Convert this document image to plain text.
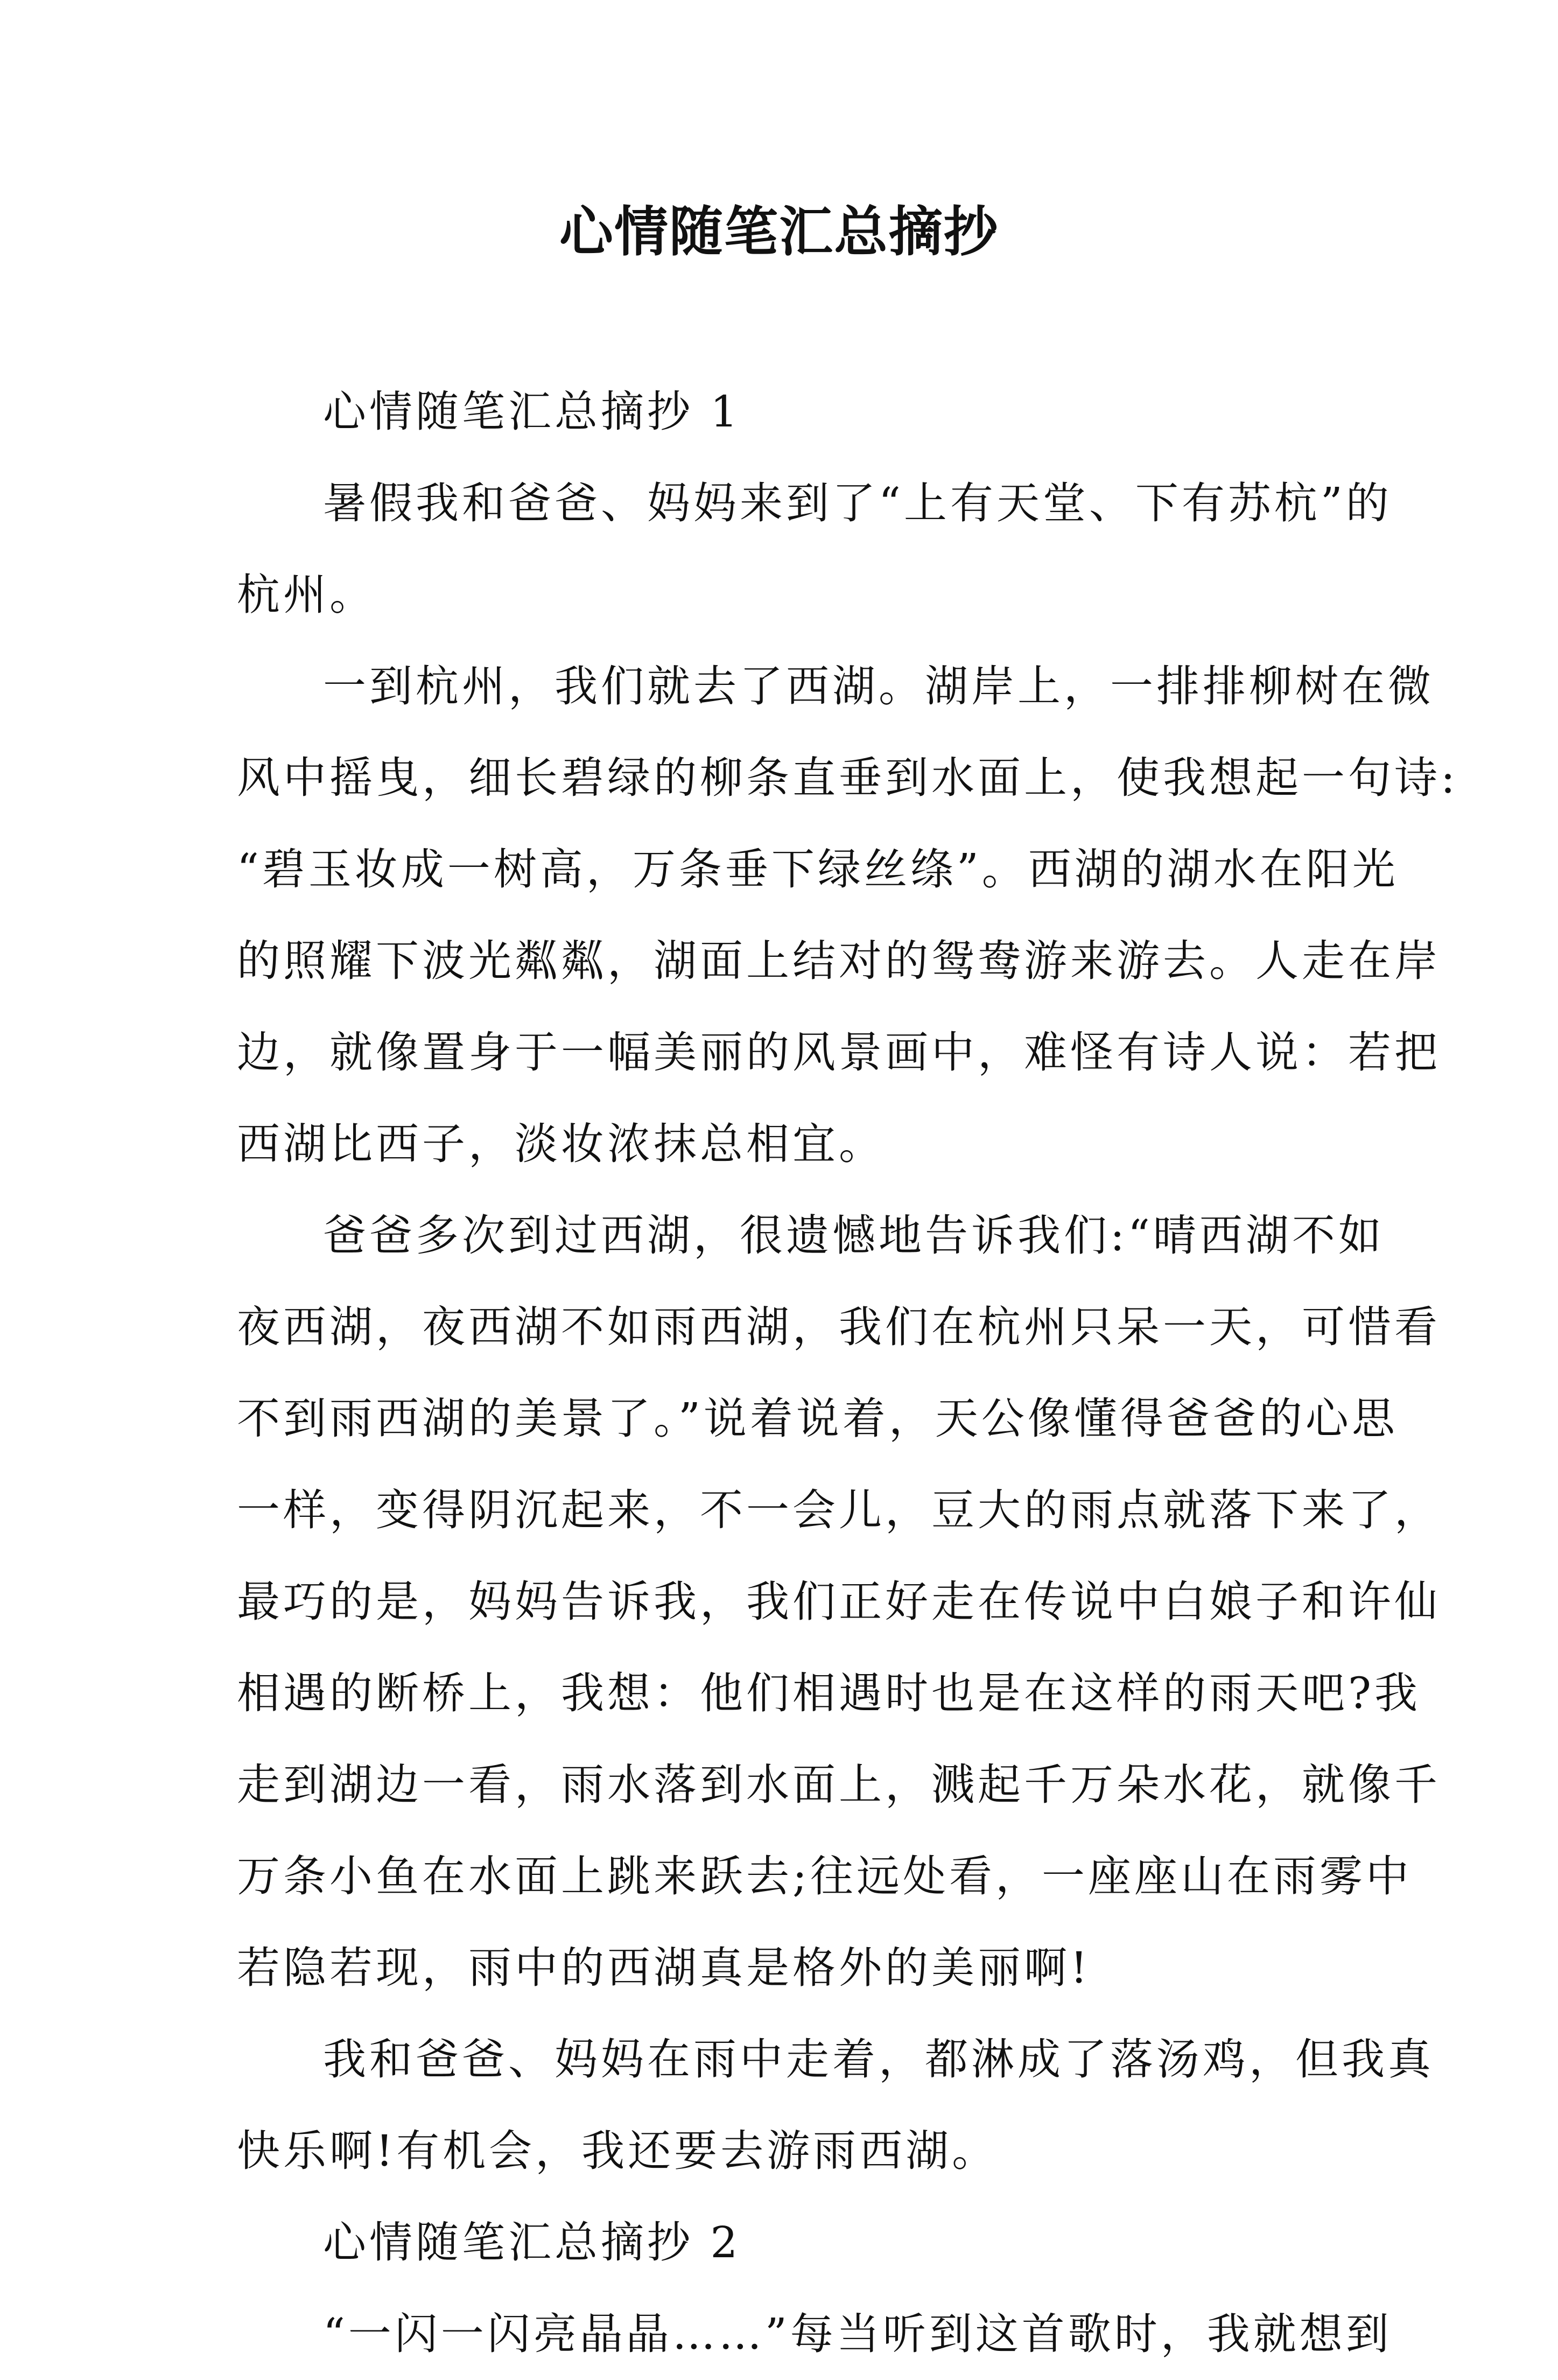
心情随笔汇总摘抄
心情随笔汇总摘抄 1
暑假我和爸爸、妈妈来到了“上有天堂、下有苏杭”的
杭州。
一到杭州，我们就去了西湖。湖岸上，一排排柳树在微
风中摇曳，细长碧绿的柳条直垂到水面上，使我想起一句诗:
“碧玉妆成一树高，万条垂下绿丝绦”。西湖的湖水在阳光
的照耀下波光粼粼，湖面上结对的鸳鸯游来游去。人走在岸
边，就像置身于一幅美丽的风景画中，难怪有诗人说：若把
西湖比西子，淡妆浓抹总相宜。
爸爸多次到过西湖，很遗憾地告诉我们:“晴西湖不如
夜西湖，夜西湖不如雨西湖，我们在杭州只呆一天，可惜看
不到雨西湖的美景了。”说着说着，天公像懂得爸爸的心思
一样，变得阴沉起来，不一会儿，豆大的雨点就落下来了，
最巧的是，妈妈告诉我，我们正好走在传说中白娘子和许仙
相遇的断桥上，我想：他们相遇时也是在这样的雨天吧?我
走到湖边一看，雨水落到水面上，溅起千万朵水花，就像千
万条小鱼在水面上跳来跃去;往远处看，一座座山在雨雾中
若隐若现，雨中的西湖真是格外的美丽啊!
我和爸爸、妈妈在雨中走着，都淋成了落汤鸡，但我真
快乐啊!有机会，我还要去游雨西湖。
心情随笔汇总摘抄 2
“一闪一闪亮晶晶……”每当听到这首歌时，我就想到
